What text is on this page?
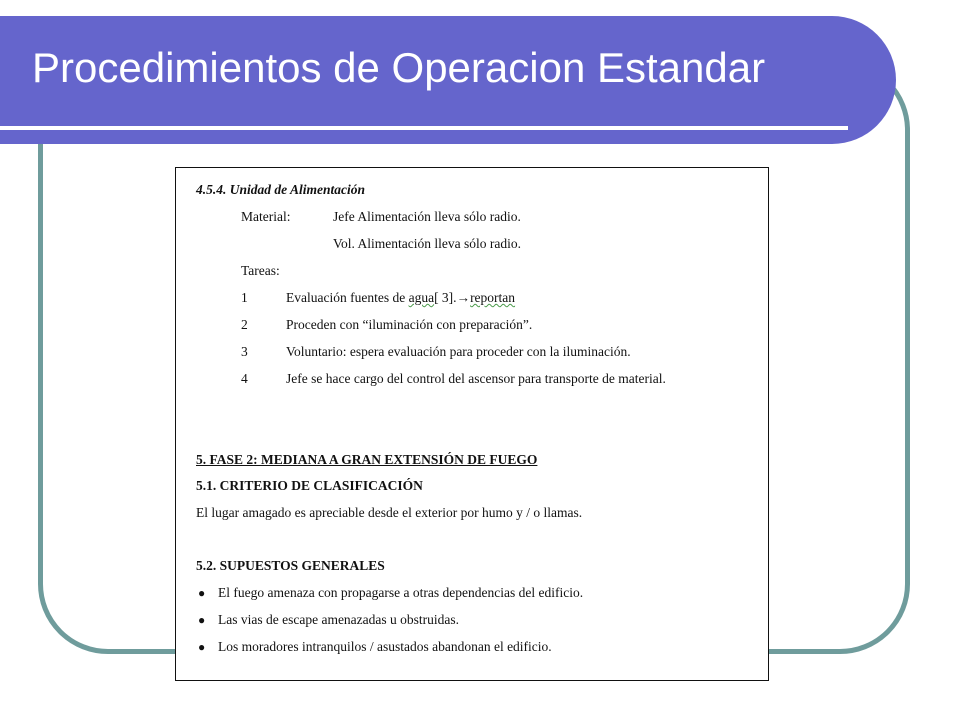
Procedimientos de Operacion Estandar
4.5.4. Unidad de Alimentación
Material:	Jefe Alimentación lleva sólo radio.
Vol. Alimentación lleva sólo radio.
Tareas:
1	Evaluación fuentes de agua[ 3].→reportan
2	Proceden con “iluminación con preparación”.
3	Voluntario: espera evaluación para proceder con la iluminación.
4	Jefe se hace cargo del control del ascensor para transporte de material.
5. FASE 2: MEDIANA A GRAN EXTENSIÓN DE FUEGO
5.1. CRITERIO DE CLASIFICACIÓN
El lugar amagado es apreciable desde el exterior por humo y / o llamas.
5.2. SUPUESTOS GENERALES
● El fuego amenaza con propagarse a otras dependencias del edificio.
● Las vias de escape amenazadas u obstruidas.
● Los moradores intranquilos / asustados abandonan el edificio.
